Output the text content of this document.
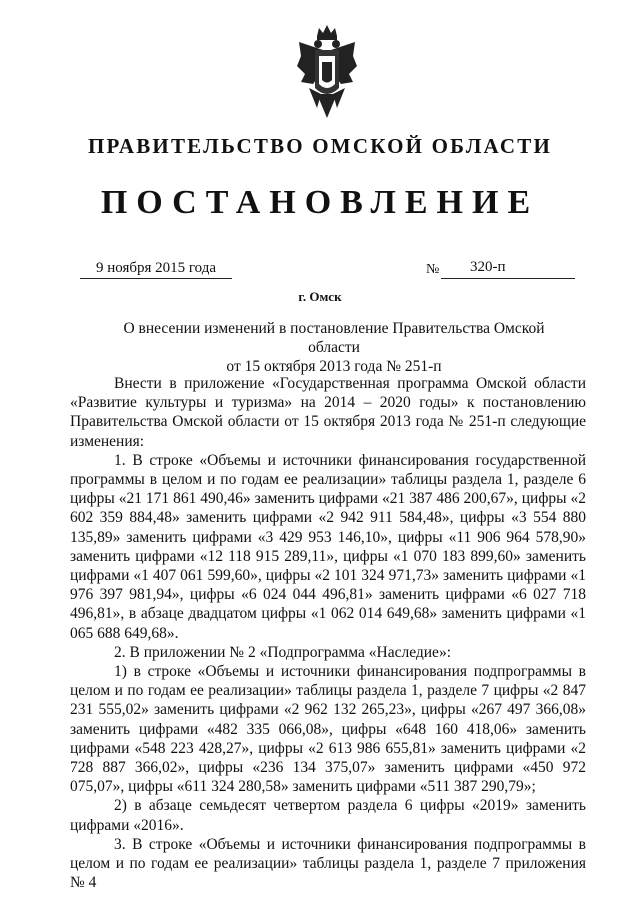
ПРАВИТЕЛЬСТВО ОМСКОЙ ОБЛАСТИ
ПОСТАНОВЛЕНИЕ
9 ноября 2015 года	№ 320-п
г. Омск
О внесении изменений в постановление Правительства Омской области
от 15 октября 2013 года № 251-п

Внести в приложение «Государственная программа Омской области «Развитие культуры и туризма» на 2014 – 2020 годы» к постановлению Правительства Омской области от 15 октября 2013 года № 251-п следующие изменения:

1. В строке «Объемы и источники финансирования государственной программы в целом и по годам ее реализации» таблицы раздела 1, разделе 6 цифры «21 171 861 490,46» заменить цифрами «21 387 486 200,67», цифры «2 602 359 884,48» заменить цифрами «2 942 911 584,48», цифры «3 554 880 135,89» заменить цифрами «3 429 953 146,10», цифры «11 906 964 578,90» заменить цифрами «12 118 915 289,11», цифры «1 070 183 899,60» заменить цифрами «1 407 061 599,60», цифры «2 101 324 971,73» заменить цифрами «1 976 397 981,94», цифры «6 024 044 496,81» заменить цифрами «6 027 718 496,81», в абзаце двадцатом цифры «1 062 014 649,68» заменить цифрами «1 065 688 649,68».

2. В приложении № 2 «Подпрограмма «Наследие»:

1) в строке «Объемы и источники финансирования подпрограммы в целом и по годам ее реализации» таблицы раздела 1, разделе 7 цифры «2 847 231 555,02» заменить цифрами «2 962 132 265,23», цифры «267 497 366,08» заменить цифрами «482 335 066,08», цифры «648 160 418,06» заменить цифрами «548 223 428,27», цифры «2 613 986 655,81» заменить цифрами «2 728 887 366,02», цифры «236 134 375,07» заменить цифрами «450 972 075,07», цифры «611 324 280,58» заменить цифрами «511 387 290,79»;

2) в абзаце семьдесят четвертом раздела 6 цифры «2019» заменить цифрами «2016».

3. В строке «Объемы и источники финансирования подпрограммы в целом и по годам ее реализации» таблицы раздела 1, разделе 7 приложения № 4
